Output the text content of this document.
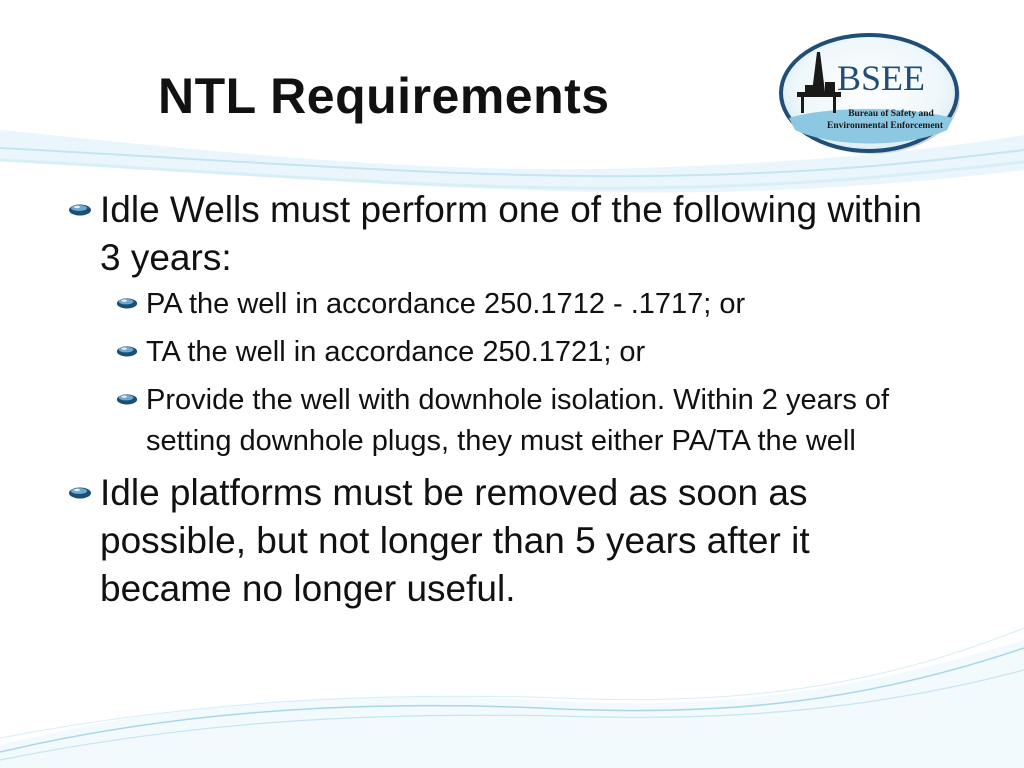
NTL Requirements	BSEE
Bureau of Safety and
Environmental Enforcement
Idle Wells must perform one of the following within 3 years:
PA the well in accordance 250.1712 - .1717; or
TA the well in accordance 250.1721; or
Provide the well with downhole isolation. Within 2 years of setting downhole plugs, they must either PA/TA the well
Idle platforms must be removed as soon as possible, but not longer than 5 years after it became no longer useful.
